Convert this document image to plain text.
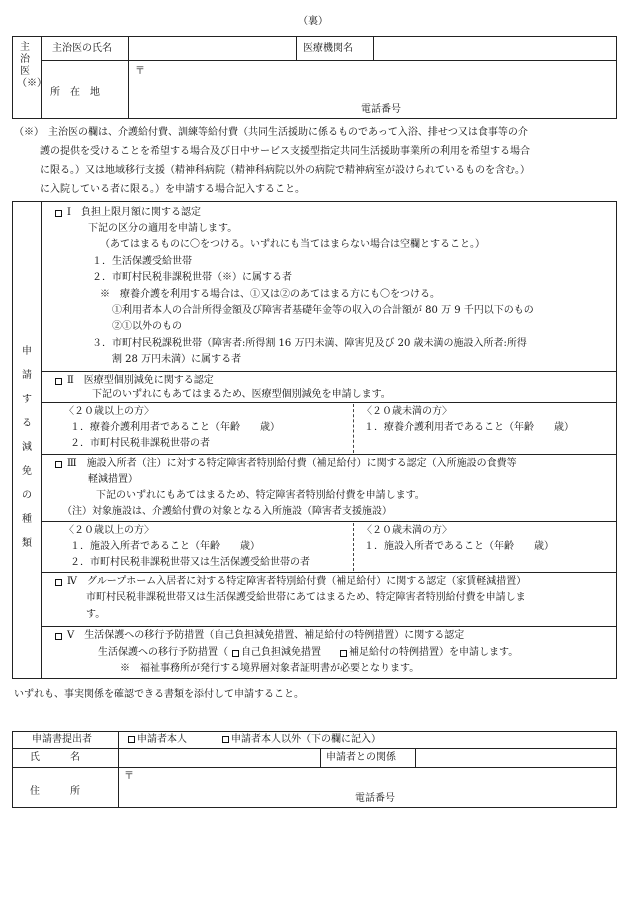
（裏）
主治医（※）
主治医の氏名	医療機関名
所　在　地
〒
電話番号
（※） 主治医の欄は、介護給付費、訓練等給付費（共同生活援助に係るものであって入浴、排せつ又は食事等の介
護の提供を受けることを希望する場合及び日中サービス支援型指定共同生活援助事業所の利用を希望する場合
に限る。）又は地域移行支援（精神科病院（精神科病院以外の病院で精神病室が設けられているものを含む。）
に入院している者に限る。）を申請する場合記入すること。
申請する減免の種類
Ⅰ　負担上限月額に関する認定
下記の区分の適用を申請します。
（あてはまるものに〇をつける。いずれにも当てはまらない場合は空欄とすること。）
１．生活保護受給世帯
２．市町村民税非課税世帯（※）に属する者
※　療養介護を利用する場合は、①又は②のあてはまる方にも〇をつける。
①利用者本人の合計所得金額及び障害者基礎年金等の収入の合計額が 80 万 9 千円以下のもの
②①以外のもの
３．市町村民税課税世帯（障害者:所得割 16 万円未満、障害児及び 20 歳未満の施設入所者:所得
割 28 万円未満）に属する者
Ⅱ　医療型個別減免に関する認定
下記のいずれにもあてはまるため、医療型個別減免を申請します。
〈２０歳以上の方〉
１．療養介護利用者であること（年齢　　歳）
２．市町村民税非課税世帯の者
〈２０歳未満の方〉
１．療養介護利用者であること（年齢　　歳）
Ⅲ　施設入所者（注）に対する特定障害者特別給付費（補足給付）に関する認定（入所施設の食費等
軽減措置）
下記のいずれにもあてはまるため、特定障害者特別給付費を申請します。
（注）対象施設は、介護給付費の対象となる入所施設（障害者支援施設）
〈２０歳以上の方〉
１．施設入所者であること（年齢　　歳）
２．市町村民税非課税世帯又は生活保護受給世帯の者
〈２０歳未満の方〉
１．施設入所者であること（年齢　　歳）
Ⅳ　グループホーム入居者に対する特定障害者特別給付費（補足給付）に関する認定（家賃軽減措置）
市町村民税非課税世帯又は生活保護受給世帯にあてはまるため、特定障害者特別給付費を申請しま
す。
Ⅴ　生活保護への移行予防措置（自己負担減免措置、補足給付の特例措置）に関する認定
生活保護への移行予防措置（ 自己負担減免措置　 補足給付の特例措置）を申請します。
※　福祉事務所が発行する境界層対象者証明書が必要となります。
いずれも、事実関係を確認できる書類を添付して申請すること。
申請書提出者	申請者本人	申請者本人以外（下の欄に記入）
氏　　　名	申請者との関係
住　　　所
〒
電話番号
